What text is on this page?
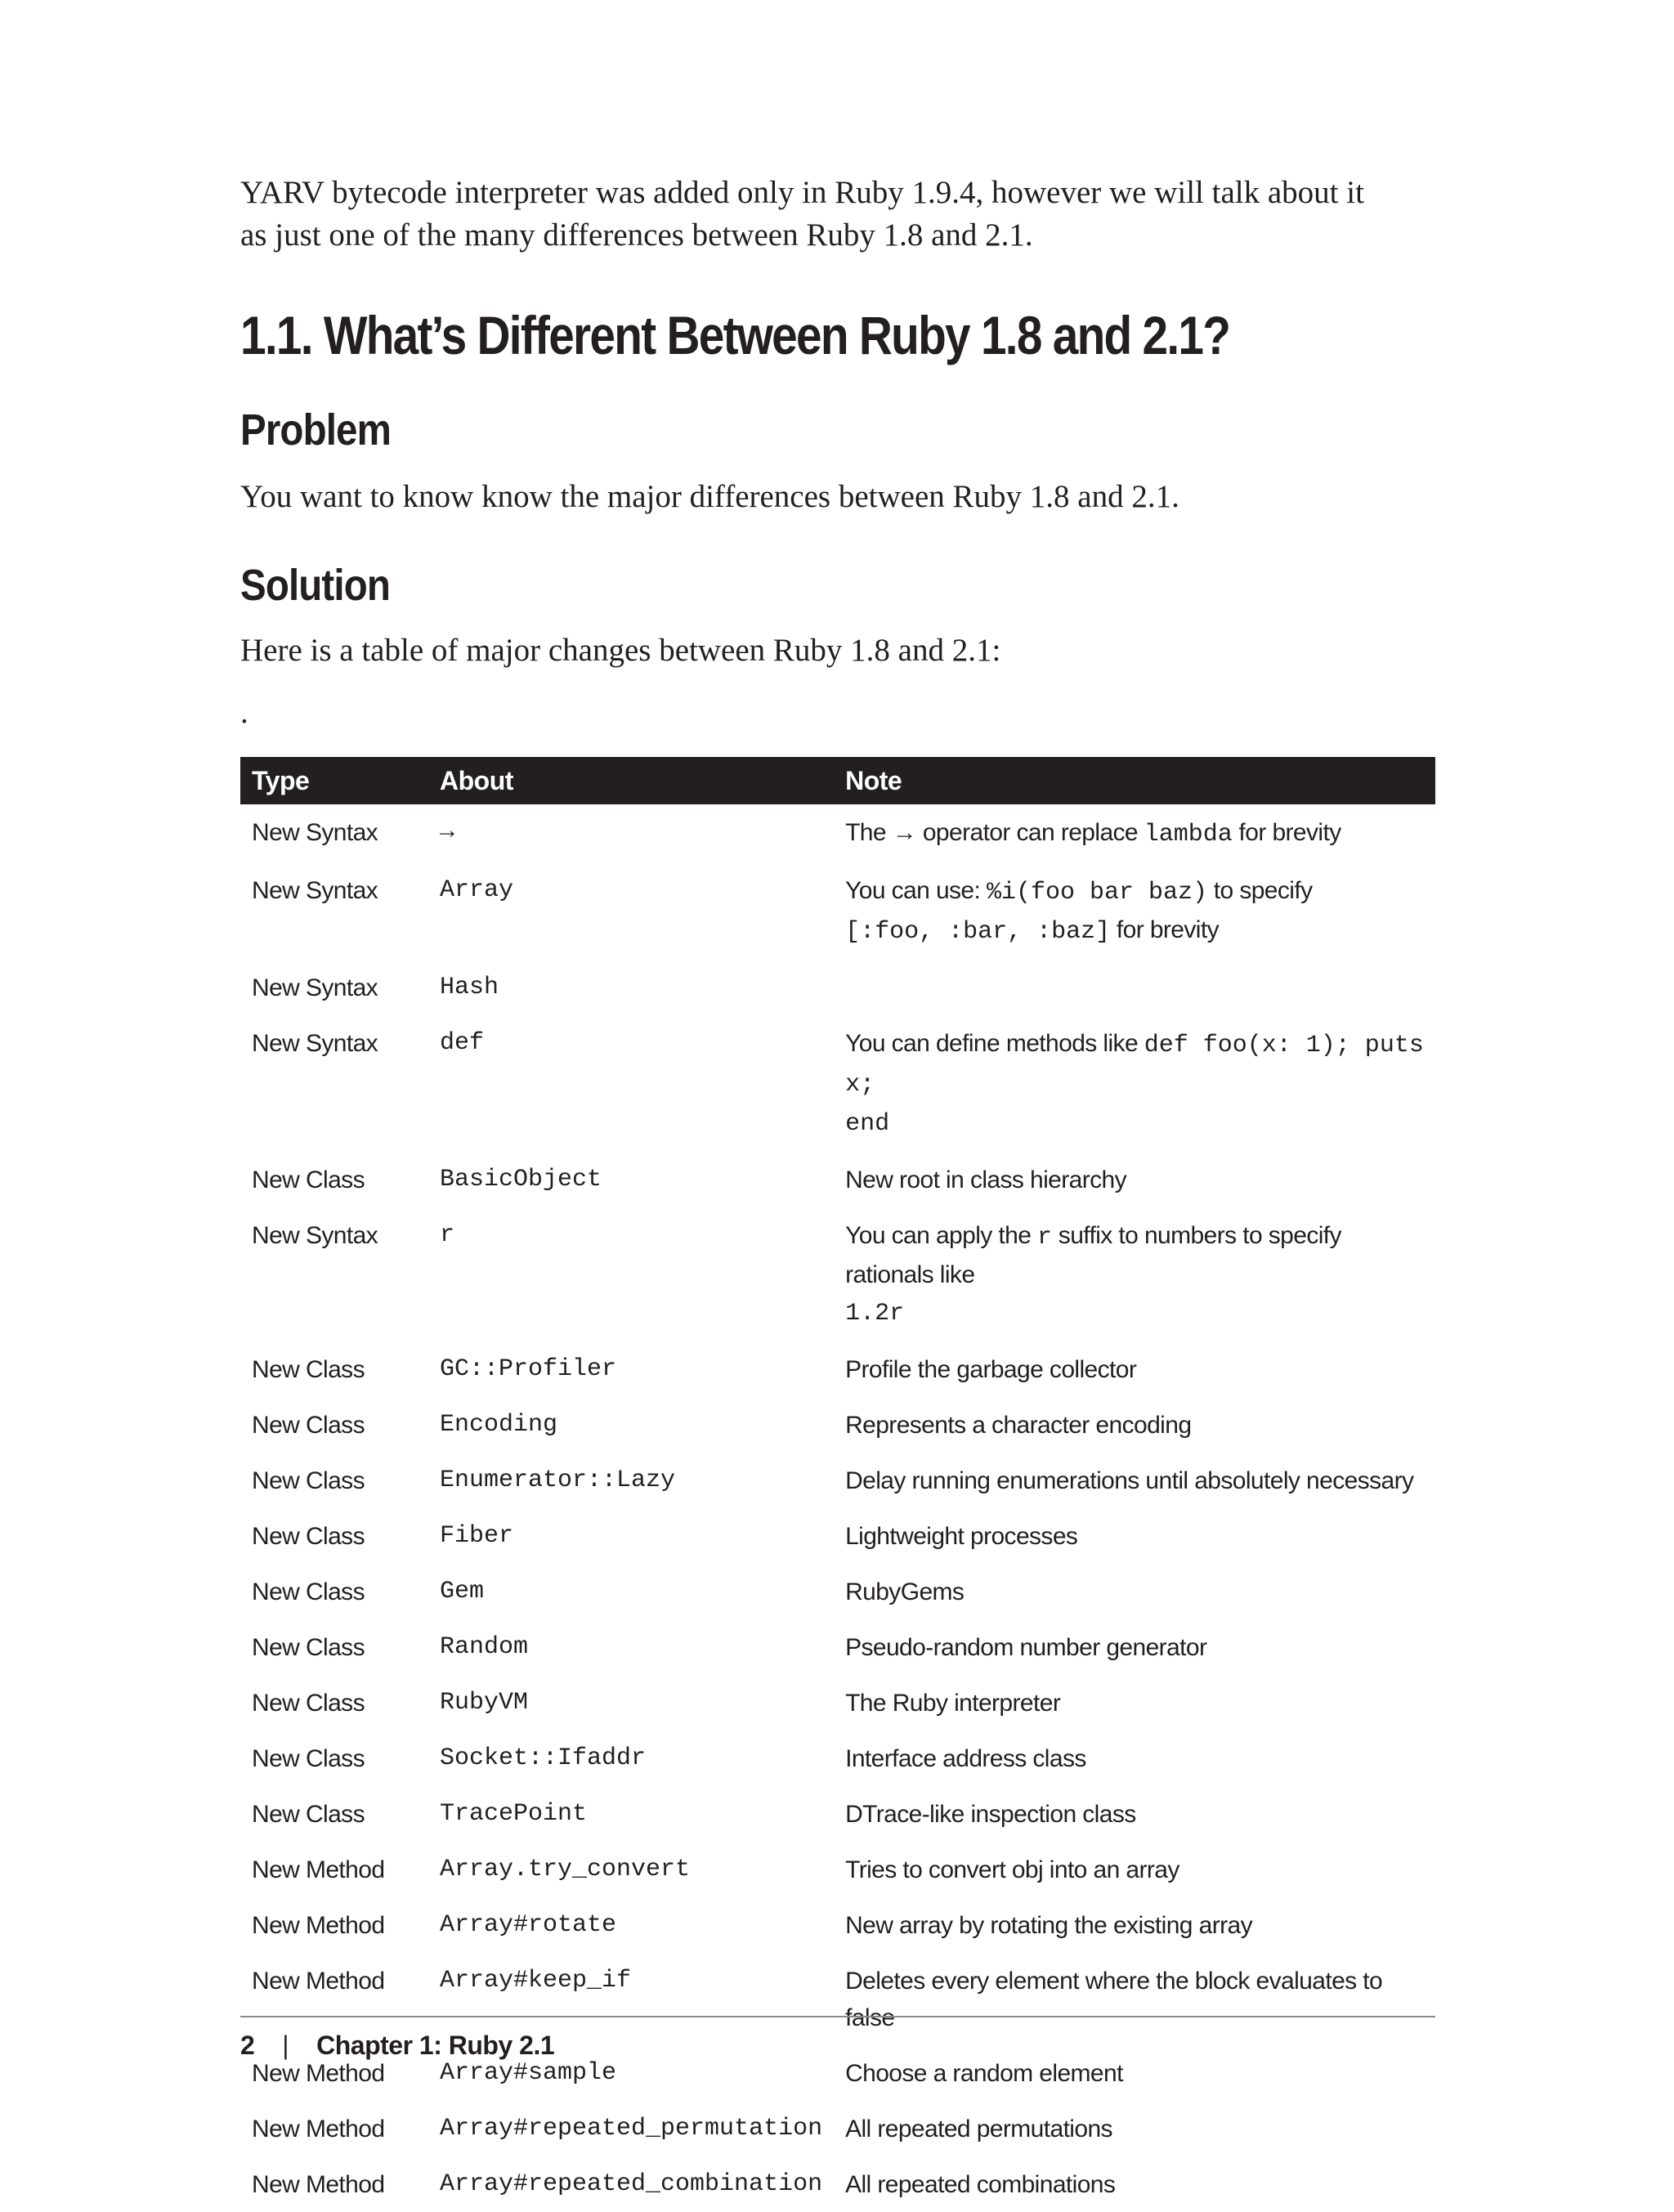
YARV bytecode interpreter was added only in Ruby 1.9.4, however we will talk about it
as just one of the many differences between Ruby 1.8 and 2.1.

1.1. What’s Different Between Ruby 1.8 and 2.1?
Problem

You want to know know the major differences between Ruby 1.8 and 2.1.

Solution

Here is a table of major changes between Ruby 1.8 and 2.1:

.
Type	About	Note
New Syntax	→	The → operator can replace lambda for brevity
New Syntax	Array	You can use: %i(foo bar baz) to specify
[:foo, :bar, :baz] for brevity
New Syntax	Hash	
New Syntax	def	You can define methods like def foo(x: 1); puts x;
end
New Class	BasicObject	New root in class hierarchy
New Syntax	r	You can apply the r suffix to numbers to specify rationals like
1.2r
New Class	GC::Profiler	Profile the garbage collector
New Class	Encoding	Represents a character encoding
New Class	Enumerator::Lazy	Delay running enumerations until absolutely necessary
New Class	Fiber	Lightweight processes
New Class	Gem	RubyGems
New Class	Random	Pseudo-random number generator
New Class	RubyVM	The Ruby interpreter
New Class	Socket::Ifaddr	Interface address class
New Class	TracePoint	DTrace-like inspection class
New Method	Array.try_convert	Tries to convert obj into an array
New Method	Array#rotate	New array by rotating the existing array
New Method	Array#keep_if	Deletes every element where the block evaluates to false
New Method	Array#sample	Choose a random element
New Method	Array#repeated_permutation	All repeated permutations
New Method	Array#repeated_combination	All repeated combinations
2 | Chapter 1: Ruby 2.1
